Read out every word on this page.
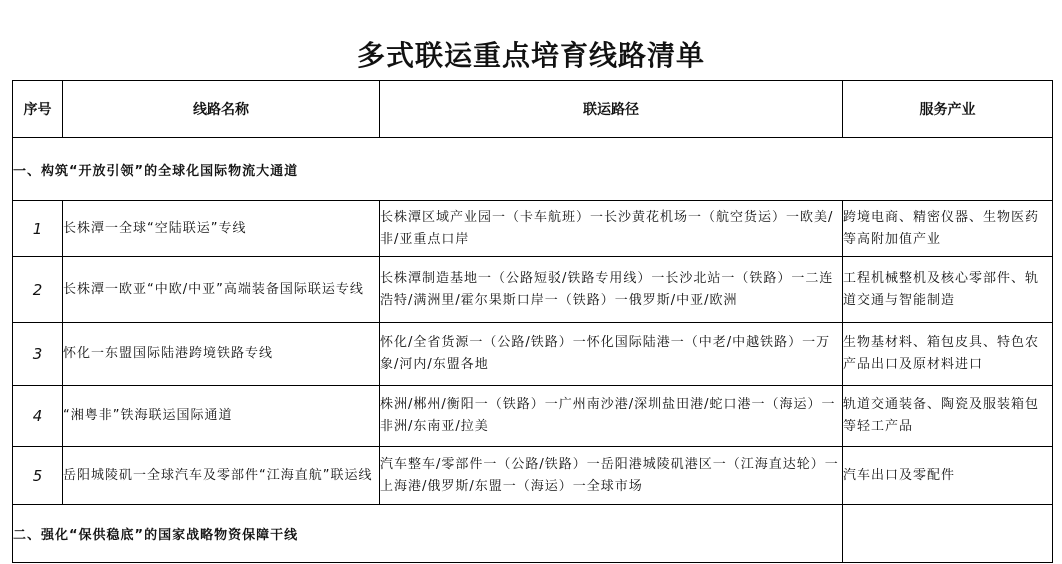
多式联运重点培育线路清单
序号	线路名称	联运路径	服务产业
一、构筑“开放引领”的全球化国际物流大通道			
1	长株潭一全球“空陆联运”专线	长株潭区域产业园一（卡车航班）一长沙黄花机场一（航空货运）一欧美/非/亚重点口岸	跨境电商、精密仪器、生物医药等高附加值产业
2	长株潭一欧亚“中欧/中亚”高端装备国际联运专线	长株潭制造基地一（公路短驳/铁路专用线）一长沙北站一（铁路）一二连浩特/满洲里/霍尔果斯口岸一（铁路）一俄罗斯/中亚/欧洲	工程机械整机及核心零部件、轨道交通与智能制造
3	怀化一东盟国际陆港跨境铁路专线	怀化/全省货源一（公路/铁路）一怀化国际陆港一（中老/中越铁路）一万象/河内/东盟各地	生物基材料、箱包皮具、特色农产品出口及原材料进口
4	“湘粤非”铁海联运国际通道	株洲/郴州/衡阳一（铁路）一广州南沙港/深圳盐田港/蛇口港一（海运）一非洲/东南亚/拉美	轨道交通装备、陶瓷及服装箱包等轻工产品
5	岳阳城陵矶一全球汽车及零部件“江海直航”联运线	汽车整车/零部件一（公路/铁路）一岳阳港城陵矶港区一（江海直达轮）一上海港/俄罗斯/东盟一（海运）一全球市场	汽车出口及零配件
二、强化“保供稳底”的国家战略物资保障干线			
